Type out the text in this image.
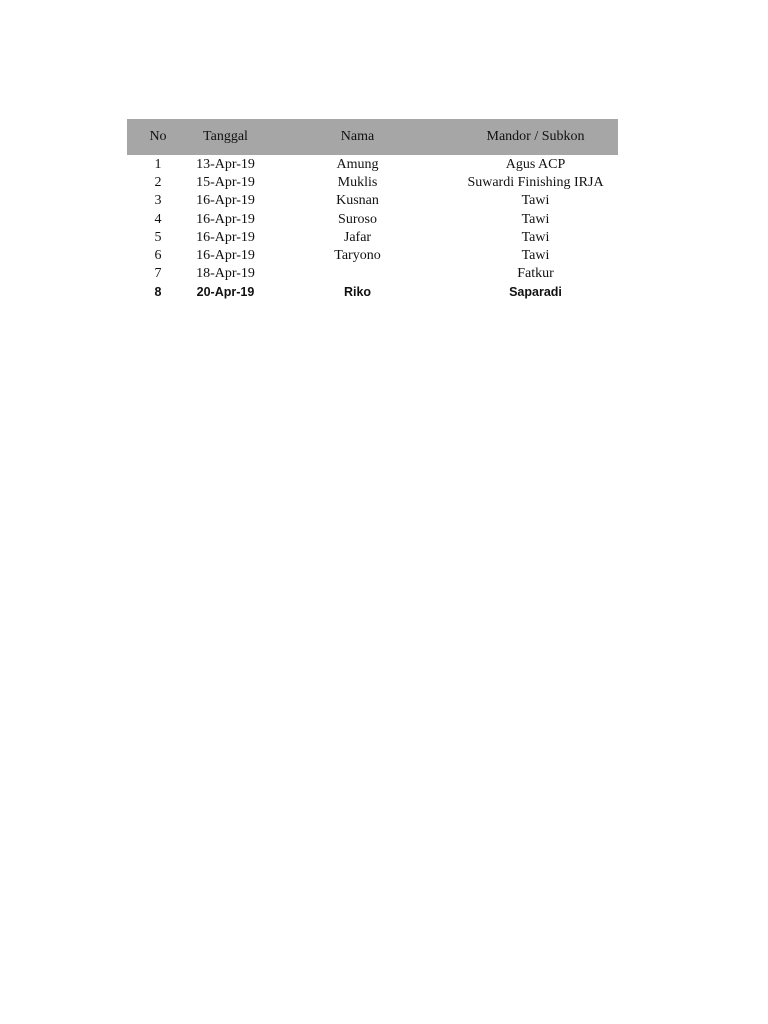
No	Tanggal	Nama	Mandor / Subkon
1	13-Apr-19	Amung	Agus ACP
2	15-Apr-19	Muklis	Suwardi Finishing IRJA
3	16-Apr-19	Kusnan	Tawi
4	16-Apr-19	Suroso	Tawi
5	16-Apr-19	Jafar	Tawi
6	16-Apr-19	Taryono	Tawi
7	18-Apr-19		Fatkur
8	20-Apr-19	Riko	Saparadi
